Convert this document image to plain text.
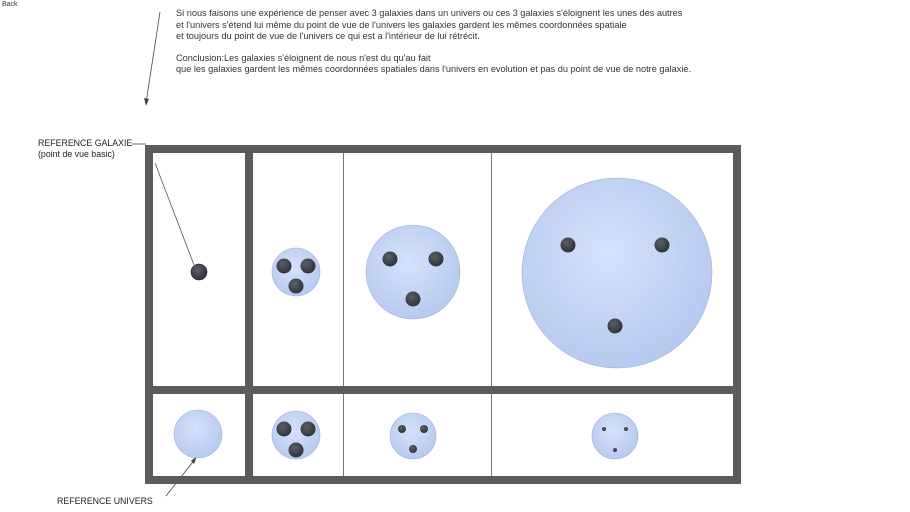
Back

Si nous faisons une expérience de penser avec 3 galaxies dans un univers ou ces 3 galaxies s'éloignent les unes des autres

et l'univers s'étend lui même du point de vue de l'univers les galaxies gardent les mêmes coordonnées spatiale

et toujours du point de vue de l'univers ce qui est a l'intérieur de lui rétrécit.

Conclusion:Les galaxies s'éloignent de nous n'est du qu'au fait

que les galaxies gardent les mêmes coordonnées spatiales dans l'univers en evolution et pas du point de vue de notre galaxie.

REFERENCE GALAXIE
(point de vue basic)
REFERENCE UNIVERS
